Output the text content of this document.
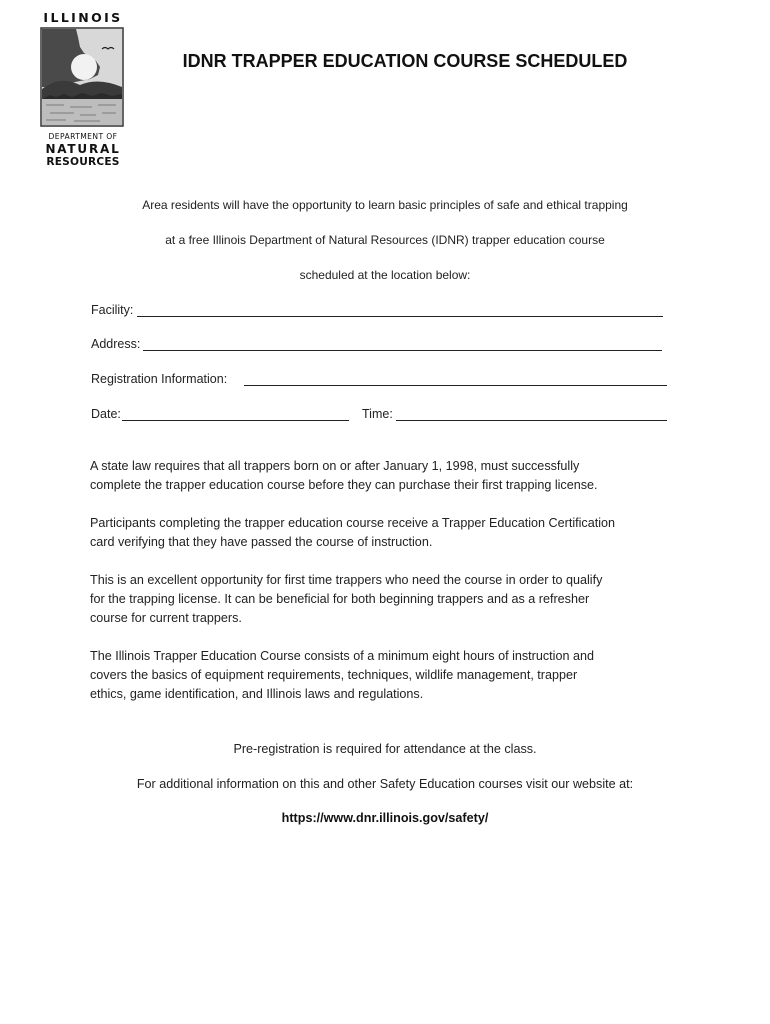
ILLINOIS
DEPARTMENT OF
NATURAL
RESOURCES
IDNR TRAPPER EDUCATION COURSE SCHEDULED
Area residents will have the opportunity to learn basic principles of safe and ethical trapping
at a free Illinois Department of Natural Resources (IDNR) trapper education course
scheduled at the location below:
Facility:
Address:
Registration Information:
Date:	Time:

A state law requires that all trappers born on or after January 1, 1998, must successfully

complete the trapper education course before they can purchase their first trapping license.

Participants completing the trapper education course receive a Trapper Education Certification

card verifying that they have passed the course of instruction.

This is an excellent opportunity for first time trappers who need the course in order to qualify

for the trapping license. It can be beneficial for both beginning trappers and as a refresher

course for current trappers.

The Illinois Trapper Education Course consists of a minimum eight hours of instruction and

covers the basics of equipment requirements, techniques, wildlife management, trapper

ethics, game identification, and Illinois laws and regulations.

Pre-registration is required for attendance at the class.
For additional information on this and other Safety Education courses visit our website at:
https://www.dnr.illinois.gov/safety/
